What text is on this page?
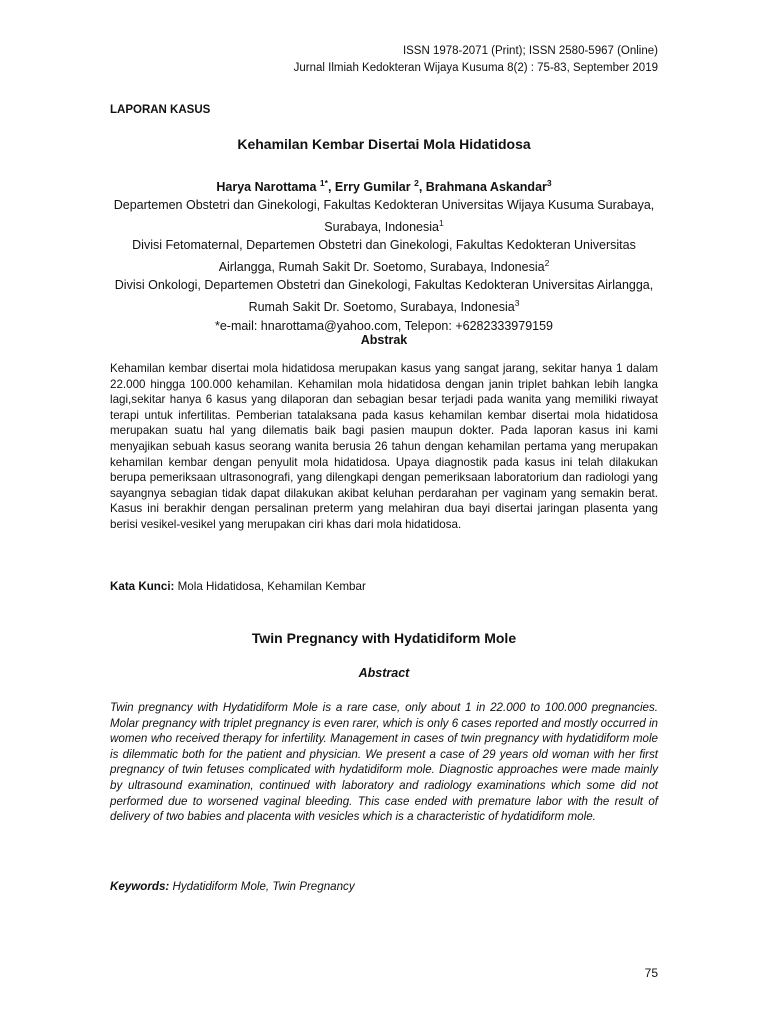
ISSN 1978-2071 (Print); ISSN 2580-5967 (Online)
Jurnal Ilmiah Kedokteran Wijaya Kusuma 8(2) : 75-83, September 2019
LAPORAN KASUS
Kehamilan Kembar Disertai Mola Hidatidosa
Harya Narottama $^{1*}$, Erry Gumilar $^2$, Brahmana Askandar$^3$
Departemen Obstetri dan Ginekologi, Fakultas Kedokteran Universitas Wijaya Kusuma Surabaya, Surabaya, Indonesia$^1$
Divisi Fetomaternal, Departemen Obstetri dan Ginekologi, Fakultas Kedokteran Universitas Airlangga, Rumah Sakit Dr. Soetomo, Surabaya, Indonesia$^2$
Divisi Onkologi, Departemen Obstetri dan Ginekologi, Fakultas Kedokteran Universitas Airlangga, Rumah Sakit Dr. Soetomo, Surabaya, Indonesia$^3$
*e-mail: hnarottama@yahoo.com, Telepon: +6282333979159
Abstrak
Kehamilan kembar disertai mola hidatidosa merupakan kasus yang sangat jarang, sekitar hanya 1 dalam 22.000 hingga 100.000 kehamilan. Kehamilan mola hidatidosa dengan janin triplet bahkan lebih langka lagi,sekitar hanya 6 kasus yang dilaporan dan sebagian besar terjadi pada wanita yang memiliki riwayat terapi untuk infertilitas. Pemberian tatalaksana pada kasus kehamilan kembar disertai mola hidatidosa merupakan suatu hal yang dilematis baik bagi pasien maupun dokter. Pada laporan kasus ini kami menyajikan sebuah kasus seorang wanita berusia 26 tahun dengan kehamilan pertama yang merupakan kehamilan kembar dengan penyulit mola hidatidosa. Upaya diagnostik pada kasus ini telah dilakukan berupa pemeriksaan ultrasonografi, yang dilengkapi dengan pemeriksaan laboratorium dan radiologi yang sayangnya sebagian tidak dapat dilakukan akibat keluhan perdarahan per vaginam yang semakin berat. Kasus ini berakhir dengan persalinan preterm yang melahiran dua bayi disertai jaringan plasenta yang berisi vesikel-vesikel yang merupakan ciri khas dari mola hidatidosa.
Kata Kunci: Mola Hidatidosa, Kehamilan Kembar
Twin Pregnancy with Hydatidiform Mole
Abstract
Twin pregnancy with Hydatidiform Mole is a rare case, only about 1 in 22.000 to 100.000 pregnancies. Molar pregnancy with triplet pregnancy is even rarer, which is only 6 cases reported and mostly occurred in women who received therapy for infertility. Management in cases of twin pregnancy with hydatidiform mole is dilemmatic both for the patient and physician. We present a case of 29 years old woman with her first pregnancy of twin fetuses complicated with hydatidiform mole. Diagnostic approaches were made mainly by ultrasound examination, continued with laboratory and radiology examinations which some did not performed due to worsened vaginal bleeding. This case ended with premature labor with the result of delivery of two babies and placenta with vesicles which is a characteristic of hydatidiform mole.
Keywords: Hydatidiform Mole, Twin Pregnancy
75
